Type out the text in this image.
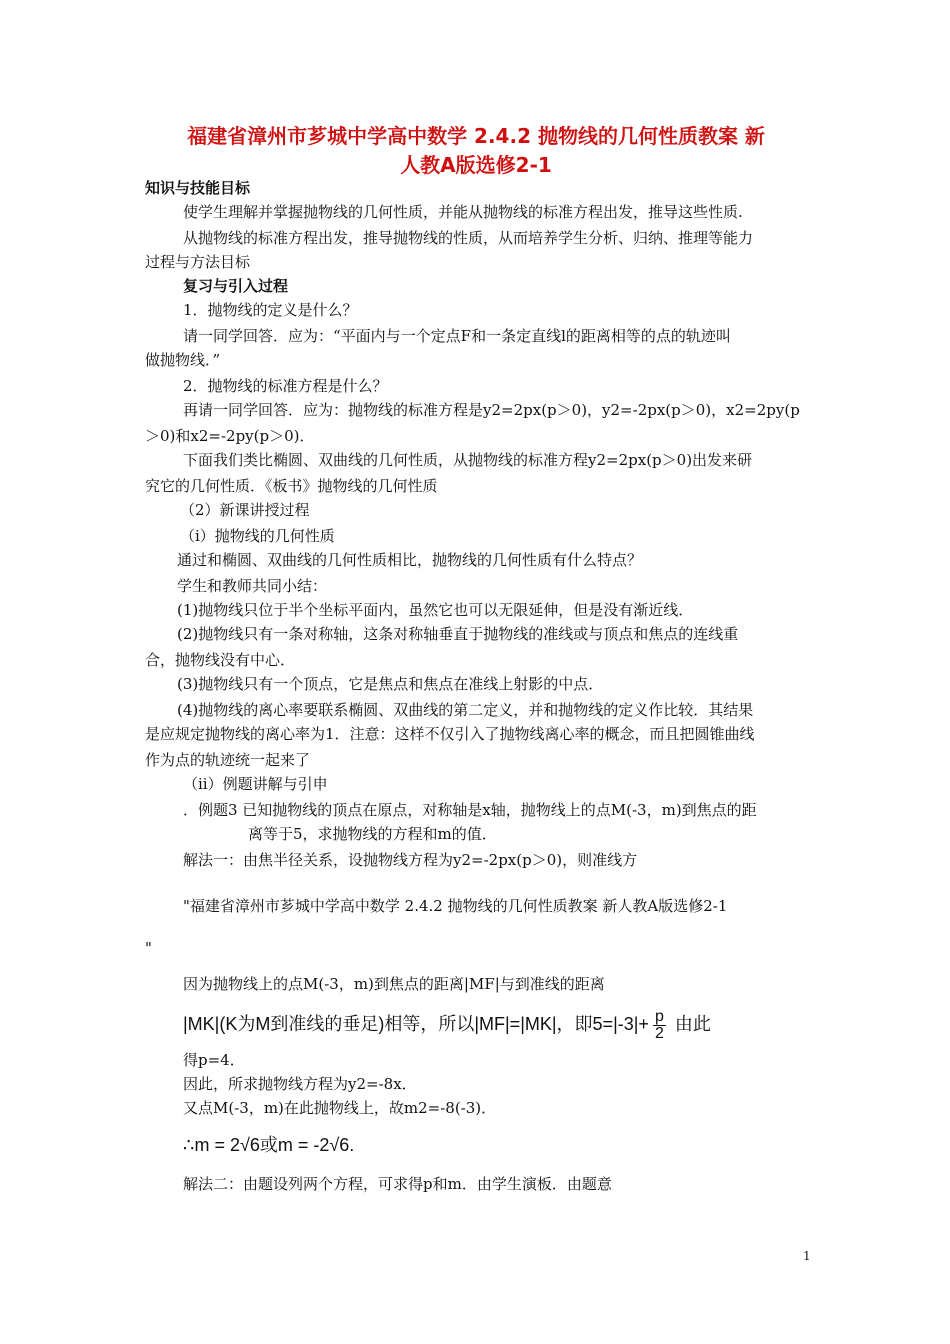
福建省漳州市芗城中学高中数学 2.4.2 抛物线的几何性质教案 新
人教A版选修2-1
知识与技能目标
使学生理解并掌握抛物线的几何性质，并能从抛物线的标准方程出发，推导这些性质.
从抛物线的标准方程出发，推导抛物线的性质，从而培养学生分析、归纳、推理等能力
过程与方法目标
复习与引入过程
1．抛物线的定义是什么？
请一同学回答．应为：“平面内与一个定点F和一条定直线l的距离相等的点的轨迹叫
做抛物线．”
2．抛物线的标准方程是什么？
再请一同学回答．应为：抛物线的标准方程是y2=2px(p＞0)，y2=-2px(p＞0)，x2=2py(p
＞0)和x2=-2py(p＞0)．
下面我们类比椭圆、双曲线的几何性质，从抛物线的标准方程y2=2px(p＞0)出发来研
究它的几何性质．《板书》抛物线的几何性质
（2）新课讲授过程
（i）抛物线的几何性质
通过和椭圆、双曲线的几何性质相比，抛物线的几何性质有什么特点？
学生和教师共同小结：
(1)抛物线只位于半个坐标平面内，虽然它也可以无限延伸，但是没有渐近线．
(2)抛物线只有一条对称轴，这条对称轴垂直于抛物线的准线或与顶点和焦点的连线重
合，抛物线没有中心．
(3)抛物线只有一个顶点，它是焦点和焦点在准线上射影的中点．
(4)抛物线的离心率要联系椭圆、双曲线的第二定义，并和抛物线的定义作比较．其结果
是应规定抛物线的离心率为1．注意：这样不仅引入了抛物线离心率的概念，而且把圆锥曲线
作为点的轨迹统一起来了
（ii）例题讲解与引申
．例题3 已知抛物线的顶点在原点，对称轴是x轴，抛物线上的点M(-3，m)到焦点的距
离等于5，求抛物线的方程和m的值．
解法一：由焦半径关系，设抛物线方程为y2=-2px(p＞0)，则准线方
"福建省漳州市芗城中学高中数学 2.4.2 抛物线的几何性质教案 新人教A版选修2-1
"
因为抛物线上的点M(-3，m)到焦点的距离|MF|与到准线的距离
|MK|(K为M到准线的垂足)相等，所以|MF|=|MK|，即$5=|-3|+ \frac{p}{2}$ 由此
得p=4．
因此，所求抛物线方程为y2=-8x．
又点M(-3，m)在此抛物线上，故m2=-8(-3)．
∴m = 2√6或m = -2√6.
解法二：由题设列两个方程，可求得p和m．由学生演板．由题意
1
